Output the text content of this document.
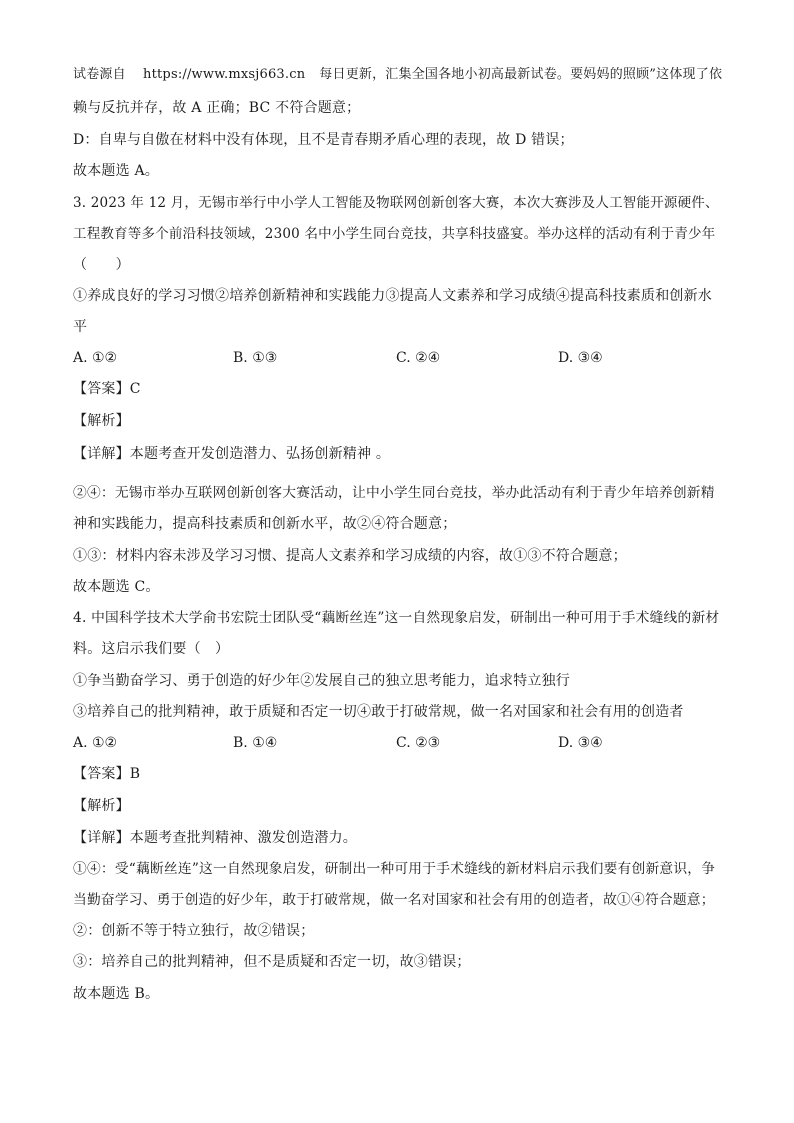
试卷源自 https://www.mxsj663.cn 每日更新，汇集全国各地小初高最新试卷。要妈妈的照顾”这体现了依
赖与反抗并存，故 A 正确；BC 不符合题意；
D：自卑与自傲在材料中没有体现，且不是青春期矛盾心理的表现，故 D 错误；
故本题选 A。
3. 2023 年 12 月，无锡市举行中小学人工智能及物联网创新创客大赛，本次大赛涉及人工智能开源硬件、
工程教育等多个前沿科技领域，2300 名中小学生同台竞技，共享科技盛宴。举办这样的活动有利于青少年
（　　）
①养成良好的学习习惯②培养创新精神和实践能力③提高人文素养和学习成绩④提高科技素质和创新水
平
A. ①②	B. ①③	C. ②④	D. ③④
【答案】C
【解析】
【详解】本题考查开发创造潜力、弘扬创新精神 。
②④：无锡市举办互联网创新创客大赛活动，让中小学生同台竞技，举办此活动有利于青少年培养创新精
神和实践能力，提高科技素质和创新水平，故②④符合题意；
①③：材料内容未涉及学习习惯、提高人文素养和学习成绩的内容，故①③不符合题意；
故本题选 C。
4. 中国科学技术大学俞书宏院士团队受“藕断丝连”这一自然现象启发，研制出一种可用于手术缝线的新材
料。这启示我们要（　）
①争当勤奋学习、勇于创造的好少年②发展自己的独立思考能力，追求特立独行
③培养自己的批判精神，敢于质疑和否定一切④敢于打破常规，做一名对国家和社会有用的创造者
A. ①②	B. ①④	C. ②③	D. ③④
【答案】B
【解析】
【详解】本题考查批判精神、激发创造潜力。
①④：受“藕断丝连”这一自然现象启发，研制出一种可用于手术缝线的新材料启示我们要有创新意识，争
当勤奋学习、勇于创造的好少年，敢于打破常规，做一名对国家和社会有用的创造者，故①④符合题意；
②：创新不等于特立独行，故②错误；
③：培养自己的批判精神，但不是质疑和否定一切，故③错误；
故本题选 B。
